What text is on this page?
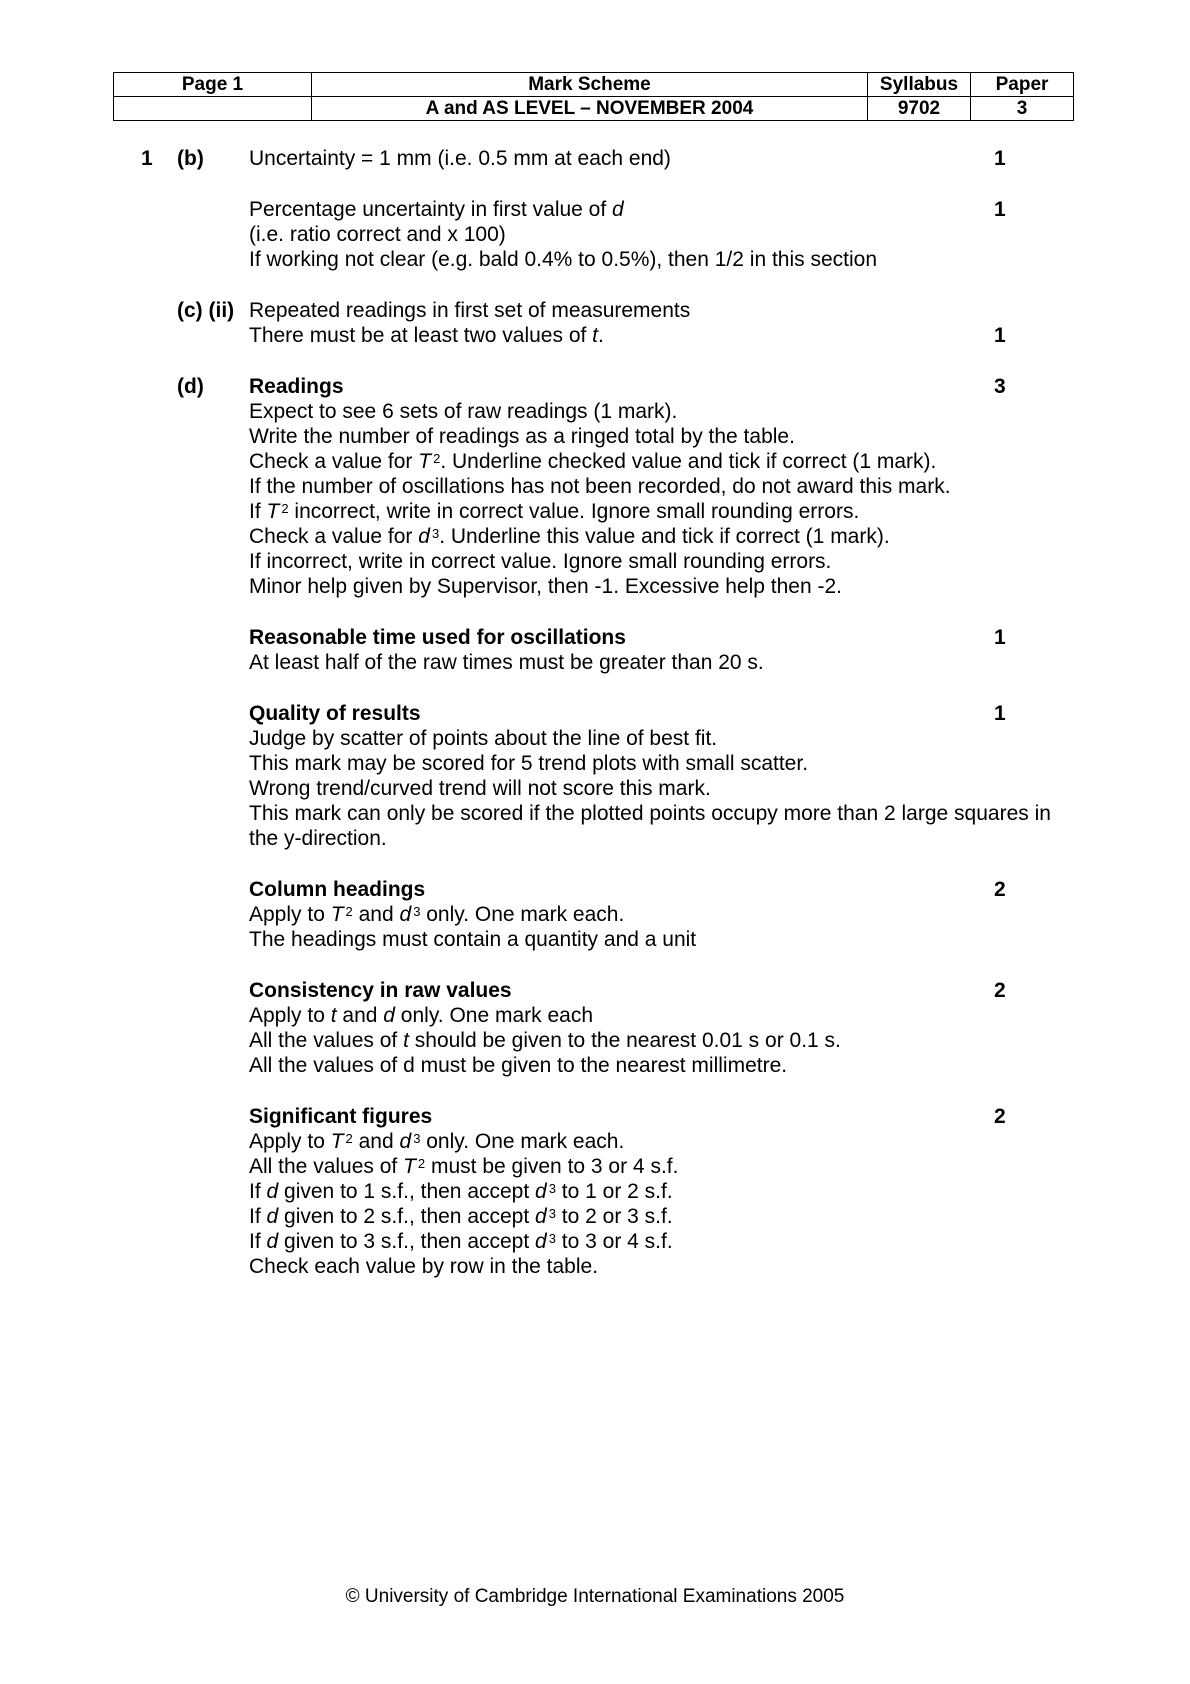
Page 1	Mark Scheme	Syllabus	Paper
	A and AS LEVEL – NOVEMBER 2004	9702	3
1 (b) Uncertainty = 1 mm (i.e. 0.5 mm at each end)	1
Percentage uncertainty in first value of d	1
(i.e. ratio correct and x 100)
If working not clear (e.g. bald 0.4% to 0.5%), then 1/2 in this section
(c) (ii) Repeated readings in first set of measurements
There must be at least two values of t.	1
(d) Readings	3
Expect to see 6 sets of raw readings (1 mark).
Write the number of readings as a ringed total by the table.
Check a value for T $^2$. Underline checked value and tick if correct (1 mark).
If the number of oscillations has not been recorded, do not award this mark.
If T $^2$ incorrect, write in correct value. Ignore small rounding errors.
Check a value for d $^3$. Underline this value and tick if correct (1 mark).
If incorrect, write in correct value. Ignore small rounding errors.
Minor help given by Supervisor, then -1. Excessive help then -2.
Reasonable time used for oscillations	1
At least half of the raw times must be greater than 20 s.
Quality of results	1
Judge by scatter of points about the line of best fit.
This mark may be scored for 5 trend plots with small scatter.
Wrong trend/curved trend will not score this mark.
This mark can only be scored if the plotted points occupy more than 2 large squares in
the y-direction.
Column headings	2
Apply to T $^2$ and d $^3$ only. One mark each.
The headings must contain a quantity and a unit
Consistency in raw values	2
Apply to t and d only. One mark each
All the values of t should be given to the nearest 0.01 s or 0.1 s.
All the values of d must be given to the nearest millimetre.
Significant figures	2
Apply to T $^2$ and d $^3$ only. One mark each.
All the values of T $^2$ must be given to 3 or 4 s.f.
If d given to 1 s.f., then accept d $^3$ to 1 or 2 s.f.
If d given to 2 s.f., then accept d $^3$ to 2 or 3 s.f.
If d given to 3 s.f., then accept d $^3$ to 3 or 4 s.f.
Check each value by row in the table.
© University of Cambridge International Examinations 2005
